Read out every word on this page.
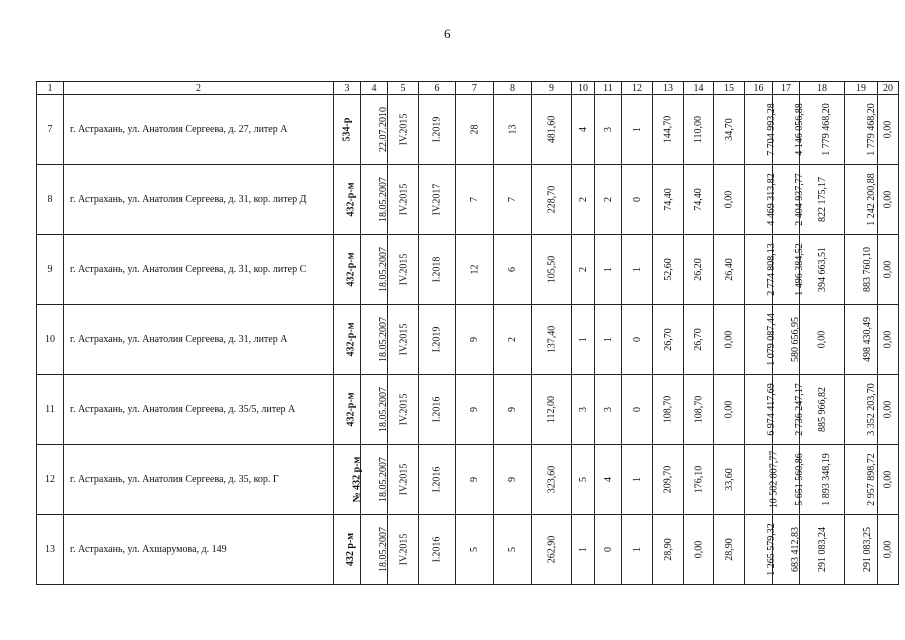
6
1	2	3	4	5	6	7	8	9	10	11	12	13	14	15	16	17	18	19	20
7	г. Астрахань, ул. Анатолия Сергеева, д. 27, литер А	534-р	22.07.2010	IV.2015	I.2019	28	13	481,60	4	3	1	144,70	110,00	34,70	7 704 993,28	4 146 056,88	1 779 468,20	1 779 468,20	0,00
8	г. Астрахань, ул. Анатолия Сергеева, д. 31, кор. литер Д	432-р-м	18.05.2007	IV.2015	IV.2017	7	7	228,70	2	2	0	74,40	74,40	0,00	4 469 313,82	2 404 937,77	822 175,17	1 242 200,88	0,00
9	г. Астрахань, ул. Анатолия Сергеева, д. 31, кор. литер С	432-р-м	18.05.2007	IV.2015	I.2018	12	6	105,50	2	1	1	52,60	26,20	26,40	2 774 808,13	1 496 384,52	394 663,51	883 760,10	0,00
10	г. Астрахань, ул. Анатолия Сергеева, д. 31, литер А	432-р-м	18.05.2007	IV.2015	I.2019	9	2	137,40	1	1	0	26,70	26,70	0,00	1 079 087,44	580 656,95	0,00	498 430,49	0,00
11	г. Астрахань, ул. Анатолия Сергеева, д. 35/5, литер А	432-р-м	18.05.2007	IV.2015	I.2016	9	9	112,00	3	3	0	108,70	108,70	0,00	6 974 417,69	2 736 247,17	885 966,82	3 352 203,70	0,00
12	г. Астрахань, ул. Анатолия Сергеева, д. 35, кор. Г	№ 432 р-м	18.05.2007	IV.2015	I.2016	9	9	323,60	5	4	1	209,70	176,10	33,60	10 502 807,77	5 651 560,86	1 893 348,19	2 957 898,72	0,00
13	г. Астрахань, ул. Ахшарумова, д. 149	432 р-м	18.05.2007	IV.2015	I.2016	5	5	262,90	1	0	1	28,90	0,00	28,90	1 265 579,32	683 412,83	291 083,24	291 083,25	0,00
